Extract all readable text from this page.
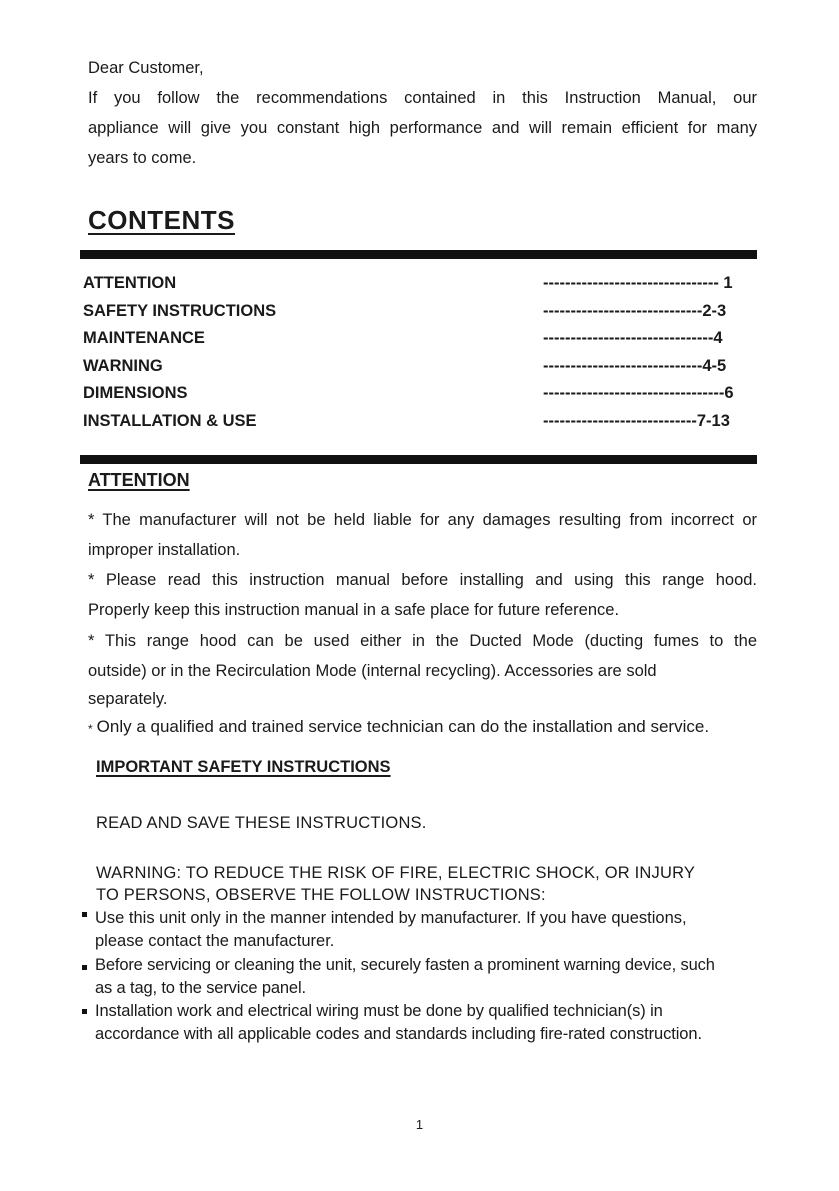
Dear Customer,

If you follow the recommendations contained in this Instruction Manual, our

appliance will give you constant high performance and will remain efficient for many

years to come.

CONTENTS
ATTENTION	-------------------------------- 1
SAFETY INSTRUCTIONS	-----------------------------2-3
MAINTENANCE	-------------------------------4
WARNING	-----------------------------4-5
DIMENSIONS	---------------------------------6
INSTALLATION & USE	----------------------------7-13
ATTENTION

* The manufacturer will not be held liable for any damages resulting from incorrect or

improper installation.

* Please read this instruction manual before installing and using this range hood.

Properly keep this instruction manual in a safe place for future reference.

* This range hood can be used either in the Ducted Mode (ducting fumes to the

outside) or in the Recirculation Mode (internal recycling). Accessories are sold

separately.

* Only a qualified and trained service technician can do the installation and service.

IMPORTANT SAFETY INSTRUCTIONS

READ AND SAVE THESE INSTRUCTIONS.

WARNING: TO REDUCE THE RISK OF FIRE, ELECTRIC SHOCK, OR INJURY

TO PERSONS, OBSERVE THE FOLLOW INSTRUCTIONS:

Use this unit only in the manner intended by manufacturer. If you have questions,
please contact the manufacturer.
Before servicing or cleaning the unit, securely fasten a prominent warning device, such
as a tag, to the service panel.
Installation work and electrical wiring must be done by qualified technician(s) in
accordance with all applicable codes and standards including fire-rated construction.

1
